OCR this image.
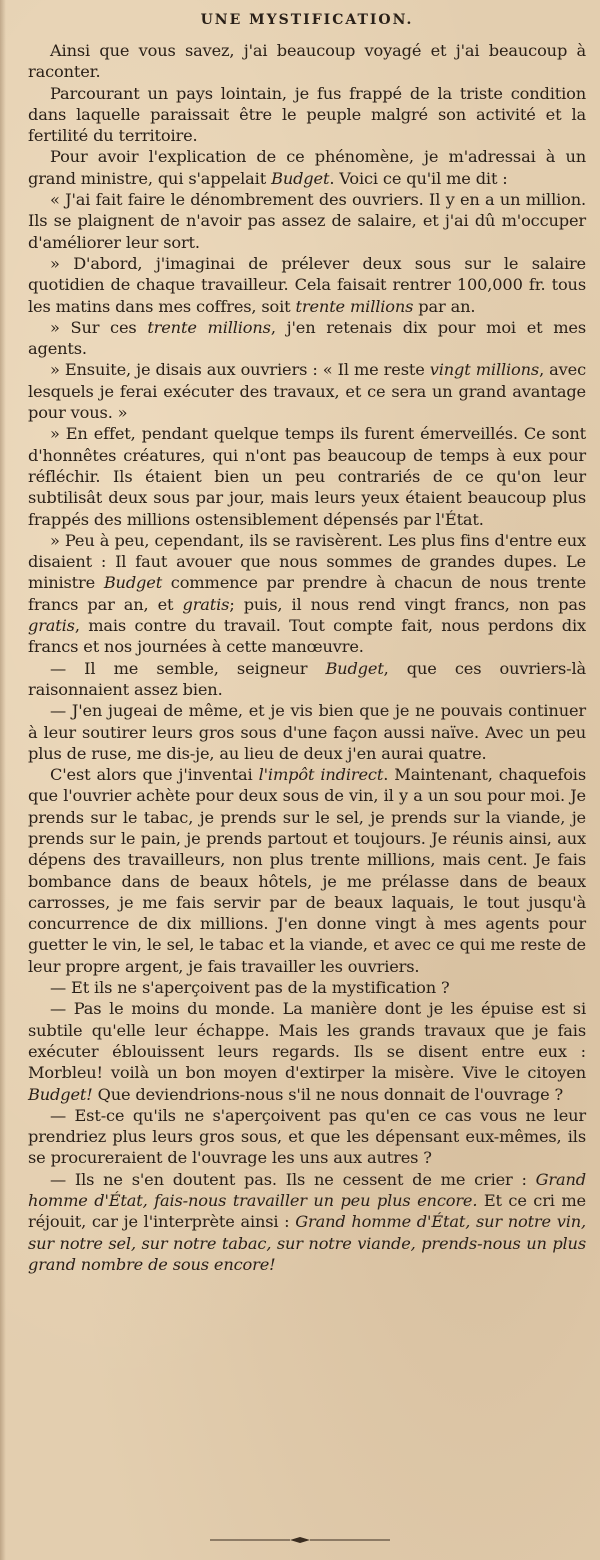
UNE MYSTIFICATION.

Ainsi que vous savez, j'ai beaucoup voyagé et j'ai beaucoup à raconter.

Parcourant un pays lointain, je fus frappé de la triste condition dans laquelle paraissait être le peuple malgré son activité et la fertilité du territoire.

Pour avoir l'explication de ce phénomène, je m'adressai à un grand ministre, qui s'appelait Budget. Voici ce qu'il me dit :

« J'ai fait faire le dénombrement des ouvriers. Il y en a un million. Ils se plaignent de n'avoir pas assez de salaire, et j'ai dû m'occuper d'améliorer leur sort.

» D'abord, j'imaginai de prélever deux sous sur le salaire quotidien de chaque travailleur. Cela faisait rentrer 100,000 fr. tous les matins dans mes coffres, soit trente millions par an.

» Sur ces trente millions, j'en retenais dix pour moi et mes agents.

» Ensuite, je disais aux ouvriers : « Il me reste vingt millions, avec lesquels je ferai exécuter des travaux, et ce sera un grand avantage pour vous. »

» En effet, pendant quelque temps ils furent émerveillés. Ce sont d'honnêtes créatures, qui n'ont pas beaucoup de temps à eux pour réfléchir. Ils étaient bien un peu contrariés de ce qu'on leur subtilisât deux sous par jour, mais leurs yeux étaient beaucoup plus frappés des millions ostensiblement dépensés par l'État.

» Peu à peu, cependant, ils se ravisèrent. Les plus fins d'entre eux disaient : Il faut avouer que nous sommes de grandes dupes. Le ministre Budget commence par prendre à chacun de nous trente francs par an, et gratis; puis, il nous rend vingt francs, non pas gratis, mais contre du travail. Tout compte fait, nous perdons dix francs et nos journées à cette manœuvre.

— Il me semble, seigneur Budget, que ces ouvriers-là raisonnaient assez bien.

— J'en jugeai de même, et je vis bien que je ne pouvais continuer à leur soutirer leurs gros sous d'une façon aussi naïve. Avec un peu plus de ruse, me dis-je, au lieu de deux j'en aurai quatre.

C'est alors que j'inventai l'impôt indirect. Maintenant, chaquefois que l'ouvrier achète pour deux sous de vin, il y a un sou pour moi. Je prends sur le tabac, je prends sur le sel, je prends sur la viande, je prends sur le pain, je prends partout et toujours. Je réunis ainsi, aux dépens des travailleurs, non plus trente millions, mais cent. Je fais bombance dans de beaux hôtels, je me prélasse dans de beaux carrosses, je me fais servir par de beaux laquais, le tout jusqu'à concurrence de dix millions. J'en donne vingt à mes agents pour guetter le vin, le sel, le tabac et la viande, et avec ce qui me reste de leur propre argent, je fais travailler les ouvriers.

— Et ils ne s'aperçoivent pas de la mystification ?

— Pas le moins du monde. La manière dont je les épuise est si subtile qu'elle leur échappe. Mais les grands travaux que je fais exécuter éblouissent leurs regards. Ils se disent entre eux : Morbleu! voilà un bon moyen d'extirper la misère. Vive le citoyen Budget! Que deviendrions-nous s'il ne nous donnait de l'ouvrage ?

— Est-ce qu'ils ne s'aperçoivent pas qu'en ce cas vous ne leur prendriez plus leurs gros sous, et que les dépensant eux-mêmes, ils se procureraient de l'ouvrage les uns aux autres ?

— Ils ne s'en doutent pas. Ils ne cessent de me crier : Grand homme d'État, fais-nous travailler un peu plus encore. Et ce cri me réjouit, car je l'interprète ainsi : Grand homme d'État, sur notre vin, sur notre sel, sur notre tabac, sur notre viande, prends-nous un plus grand nombre de sous encore!
